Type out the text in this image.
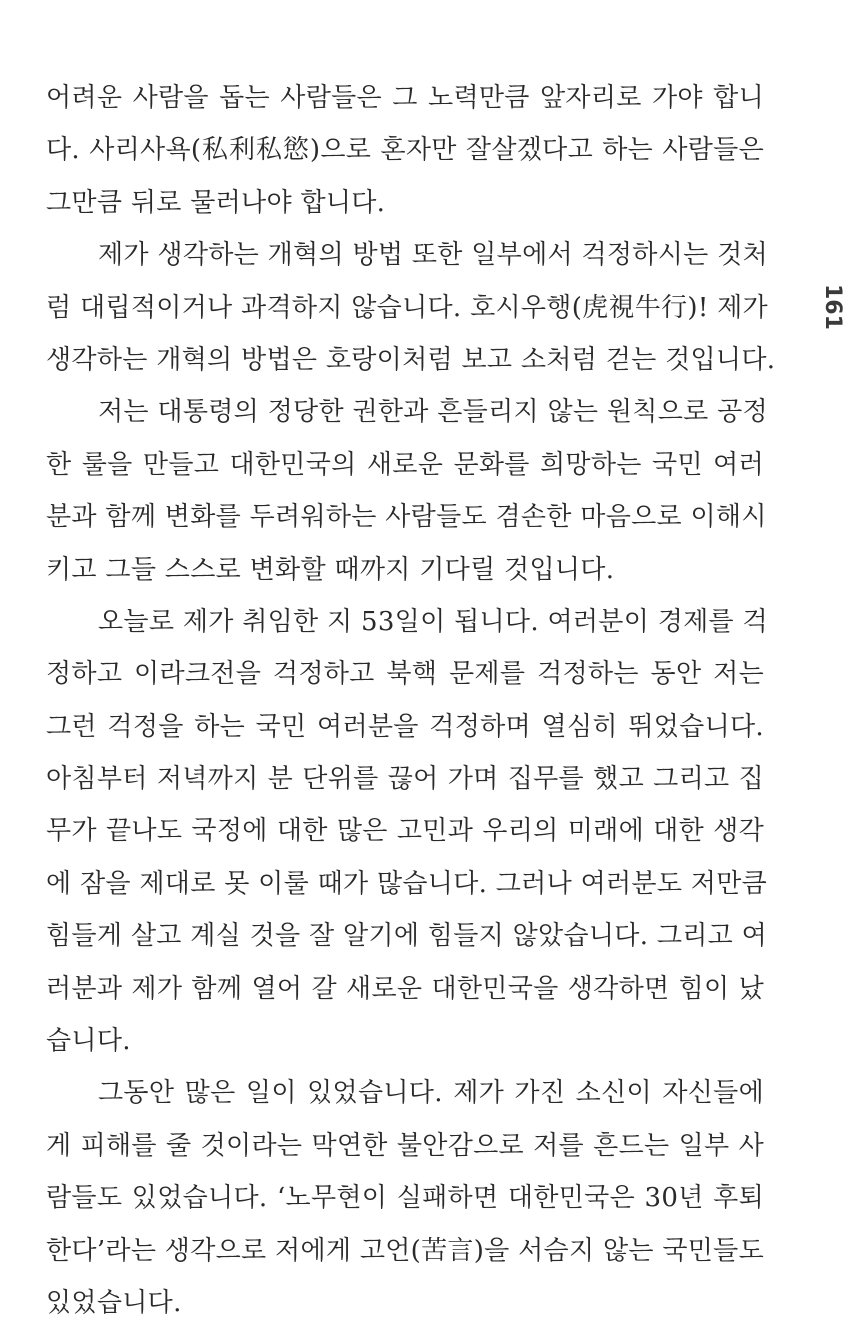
어려운 사람을 돕는 사람들은 그 노력만큼 앞자리로 가야 합니
다. 사리사욕(私利私慾)으로 혼자만 잘살겠다고 하는 사람들은
그만큼 뒤로 물러나야 합니다.
제가 생각하는 개혁의 방법 또한 일부에서 걱정하시는 것처
럼 대립적이거나 과격하지 않습니다. 호시우행(虎視牛行)! 제가
생각하는 개혁의 방법은 호랑이처럼 보고 소처럼 걷는 것입니다.
저는 대통령의 정당한 권한과 흔들리지 않는 원칙으로 공정
한 룰을 만들고 대한민국의 새로운 문화를 희망하는 국민 여러
분과 함께 변화를 두려워하는 사람들도 겸손한 마음으로 이해시
키고 그들 스스로 변화할 때까지 기다릴 것입니다.
오늘로 제가 취임한 지 53일이 됩니다. 여러분이 경제를 걱
정하고 이라크전을 걱정하고 북핵 문제를 걱정하는 동안 저는
그런 걱정을 하는 국민 여러분을 걱정하며 열심히 뛰었습니다.
아침부터 저녁까지 분 단위를 끊어 가며 집무를 했고 그리고 집
무가 끝나도 국정에 대한 많은 고민과 우리의 미래에 대한 생각
에 잠을 제대로 못 이룰 때가 많습니다. 그러나 여러분도 저만큼
힘들게 살고 계실 것을 잘 알기에 힘들지 않았습니다. 그리고 여
러분과 제가 함께 열어 갈 새로운 대한민국을 생각하면 힘이 났
습니다.
그동안 많은 일이 있었습니다. 제가 가진 소신이 자신들에
게 피해를 줄 것이라는 막연한 불안감으로 저를 흔드는 일부 사
람들도 있었습니다. ‘노무현이 실패하면 대한민국은 30년 후퇴
한다’라는 생각으로 저에게 고언(苦言)을 서슴지 않는 국민들도
있었습니다.
161
